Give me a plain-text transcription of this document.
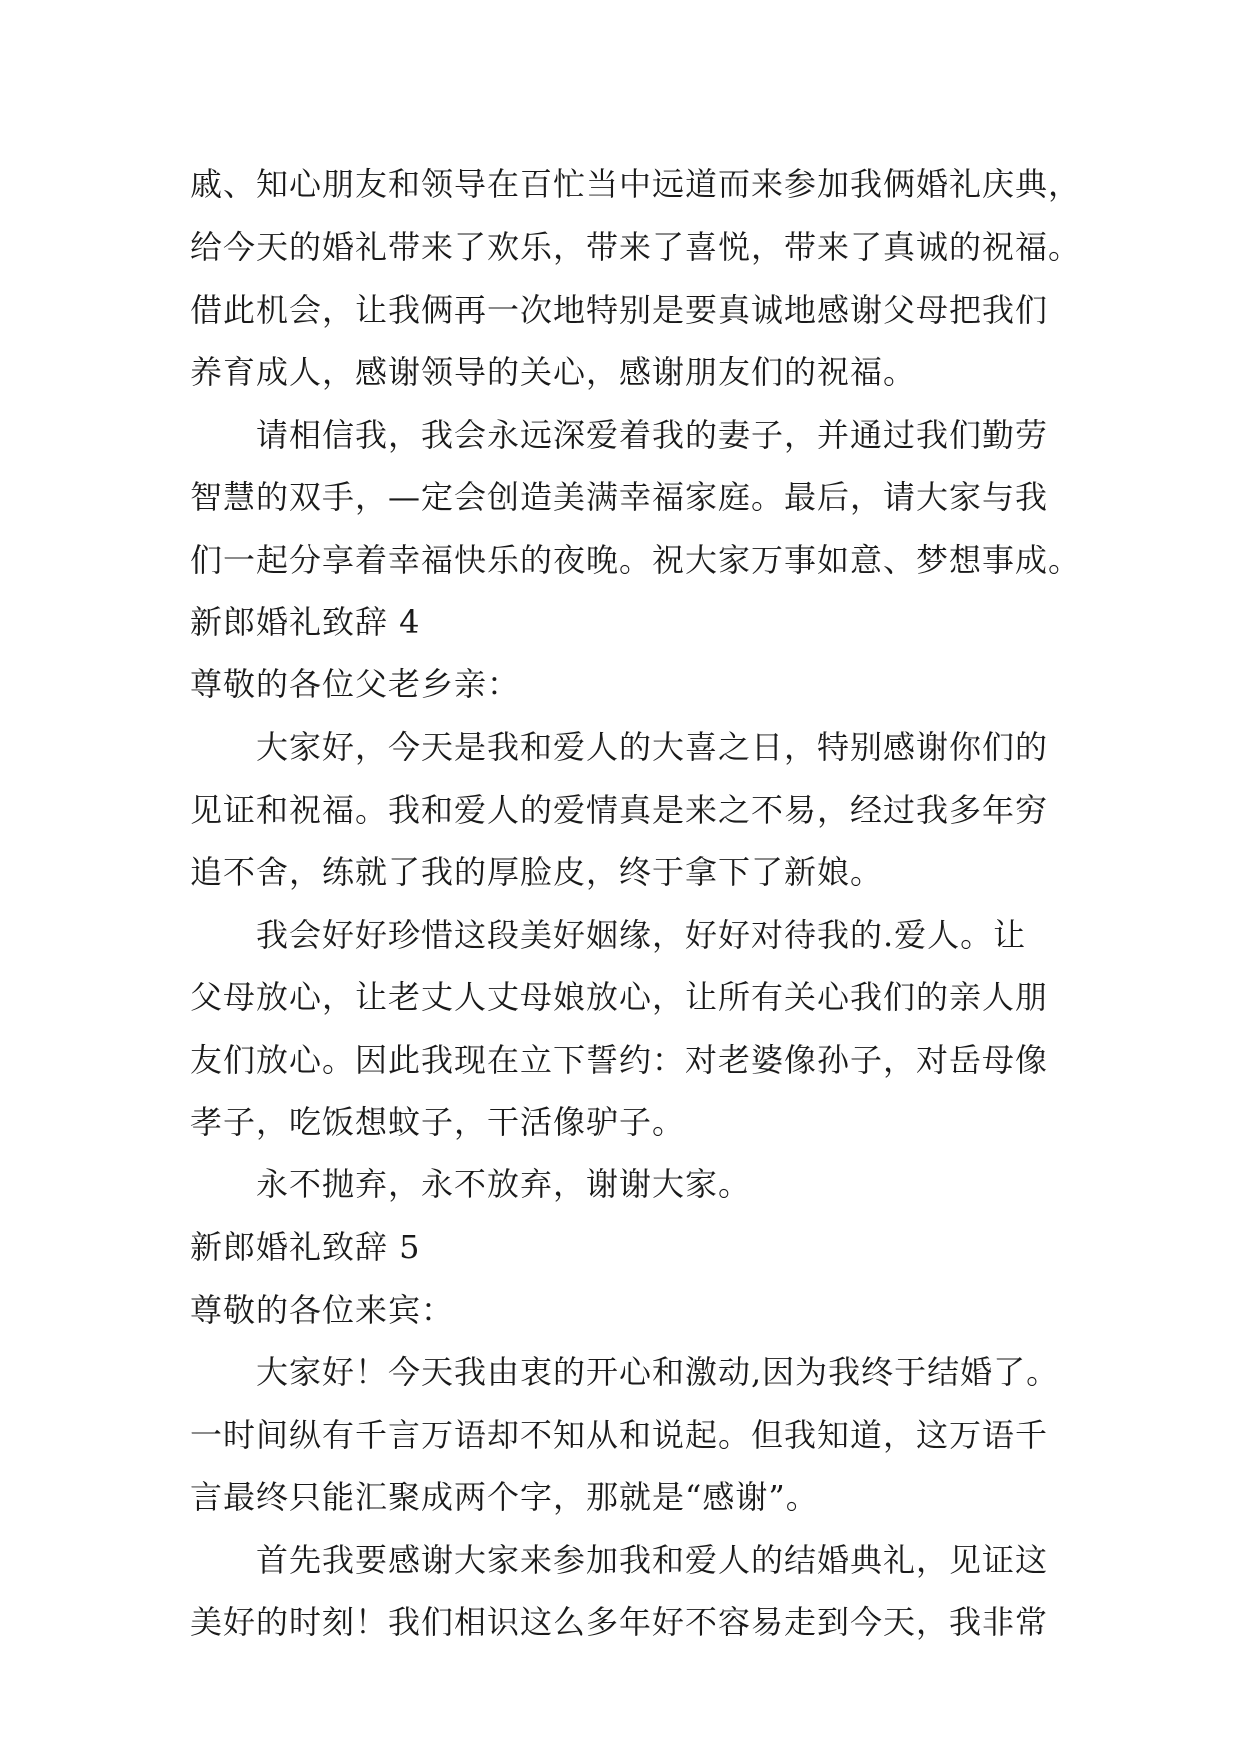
戚、知心朋友和领导在百忙当中远道而来参加我俩婚礼庆典，
给今天的婚礼带来了欢乐，带来了喜悦，带来了真诚的祝福。
借此机会，让我俩再一次地特别是要真诚地感谢父母把我们
养育成人，感谢领导的关心，感谢朋友们的祝福。
请相信我，我会永远深爱着我的妻子，并通过我们勤劳
智慧的双手，—定会创造美满幸福家庭。最后，请大家与我
们一起分享着幸福快乐的夜晚。祝大家万事如意、梦想事成。
新郎婚礼致辞 4
尊敬的各位父老乡亲：
大家好，今天是我和爱人的大喜之日，特别感谢你们的
见证和祝福。我和爱人的爱情真是来之不易，经过我多年穷
追不舍，练就了我的厚脸皮，终于拿下了新娘。
我会好好珍惜这段美好姻缘，好好对待我的.爱人。让
父母放心，让老丈人丈母娘放心，让所有关心我们的亲人朋
友们放心。因此我现在立下誓约：对老婆像孙子，对岳母像
孝子，吃饭想蚊子，干活像驴子。
永不抛弃，永不放弃，谢谢大家。
新郎婚礼致辞 5
尊敬的各位来宾：
大家好！今天我由衷的开心和激动,因为我终于结婚了。
一时间纵有千言万语却不知从和说起。但我知道，这万语千
言最终只能汇聚成两个字，那就是“感谢”。
首先我要感谢大家来参加我和爱人的结婚典礼，见证这
美好的时刻！我们相识这么多年好不容易走到今天，我非常
